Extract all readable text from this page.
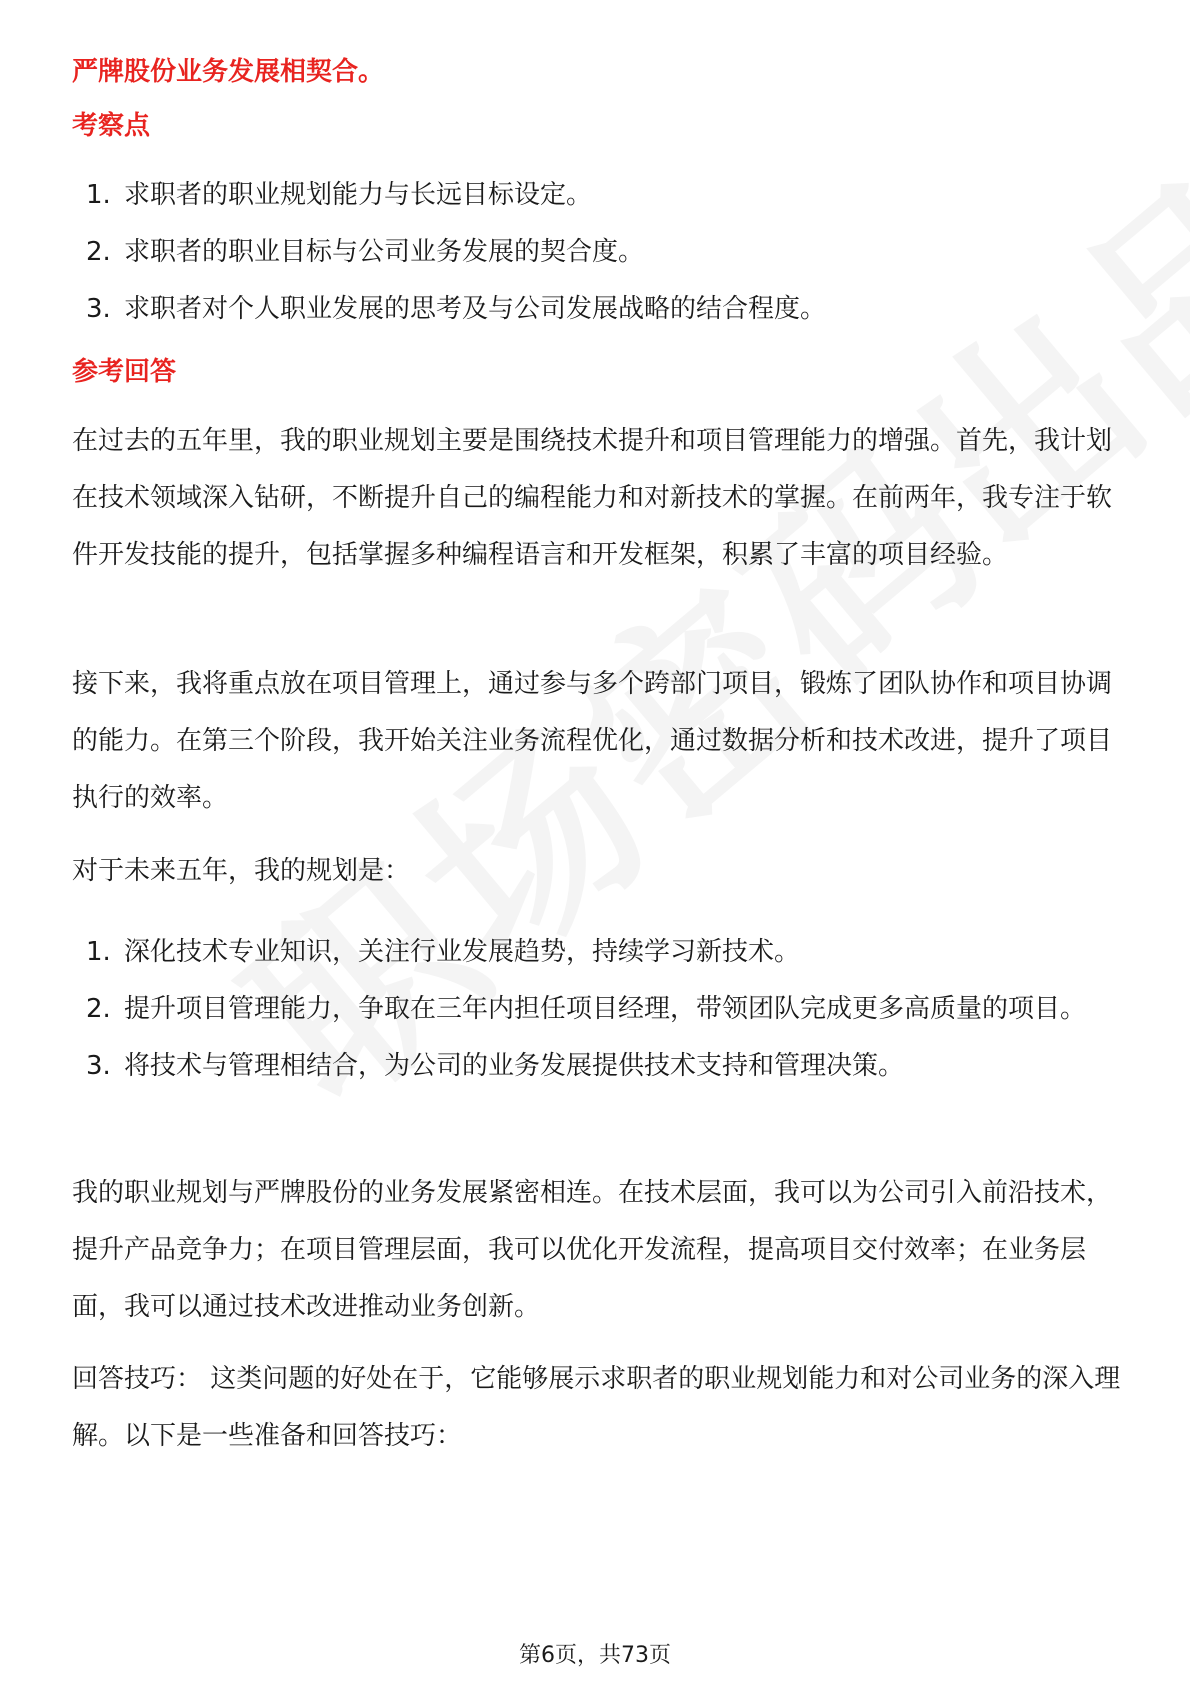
严牌股份业务发展相契合。

考察点

1. 求职者的职业规划能力与长远目标设定。
2. 求职者的职业目标与公司业务发展的契合度。
3. 求职者对个人职业发展的思考及与公司发展战略的结合程度。

参考回答

在过去的五年里，我的职业规划主要是围绕技术提升和项目管理能力的增强。首先，我计划在技术领域深入钻研，不断提升自己的编程能力和对新技术的掌握。在前两年，我专注于软件开发技能的提升，包括掌握多种编程语言和开发框架，积累了丰富的项目经验。

接下来，我将重点放在项目管理上，通过参与多个跨部门项目，锻炼了团队协作和项目协调的能力。在第三个阶段，我开始关注业务流程优化，通过数据分析和技术改进，提升了项目执行的效率。

对于未来五年，我的规划是：

1. 深化技术专业知识，关注行业发展趋势，持续学习新技术。
2. 提升项目管理能力，争取在三年内担任项目经理，带领团队完成更多高质量的项目。
3. 将技术与管理相结合，为公司的业务发展提供技术支持和管理决策。

我的职业规划与严牌股份的业务发展紧密相连。在技术层面，我可以为公司引入前沿技术，提升产品竞争力；在项目管理层面，我可以优化开发流程，提高项目交付效率；在业务层面，我可以通过技术改进推动业务创新。

回答技巧： 这类问题的好处在于，它能够展示求职者的职业规划能力和对公司业务的深入理解。以下是一些准备和回答技巧：

第6页，共73页
